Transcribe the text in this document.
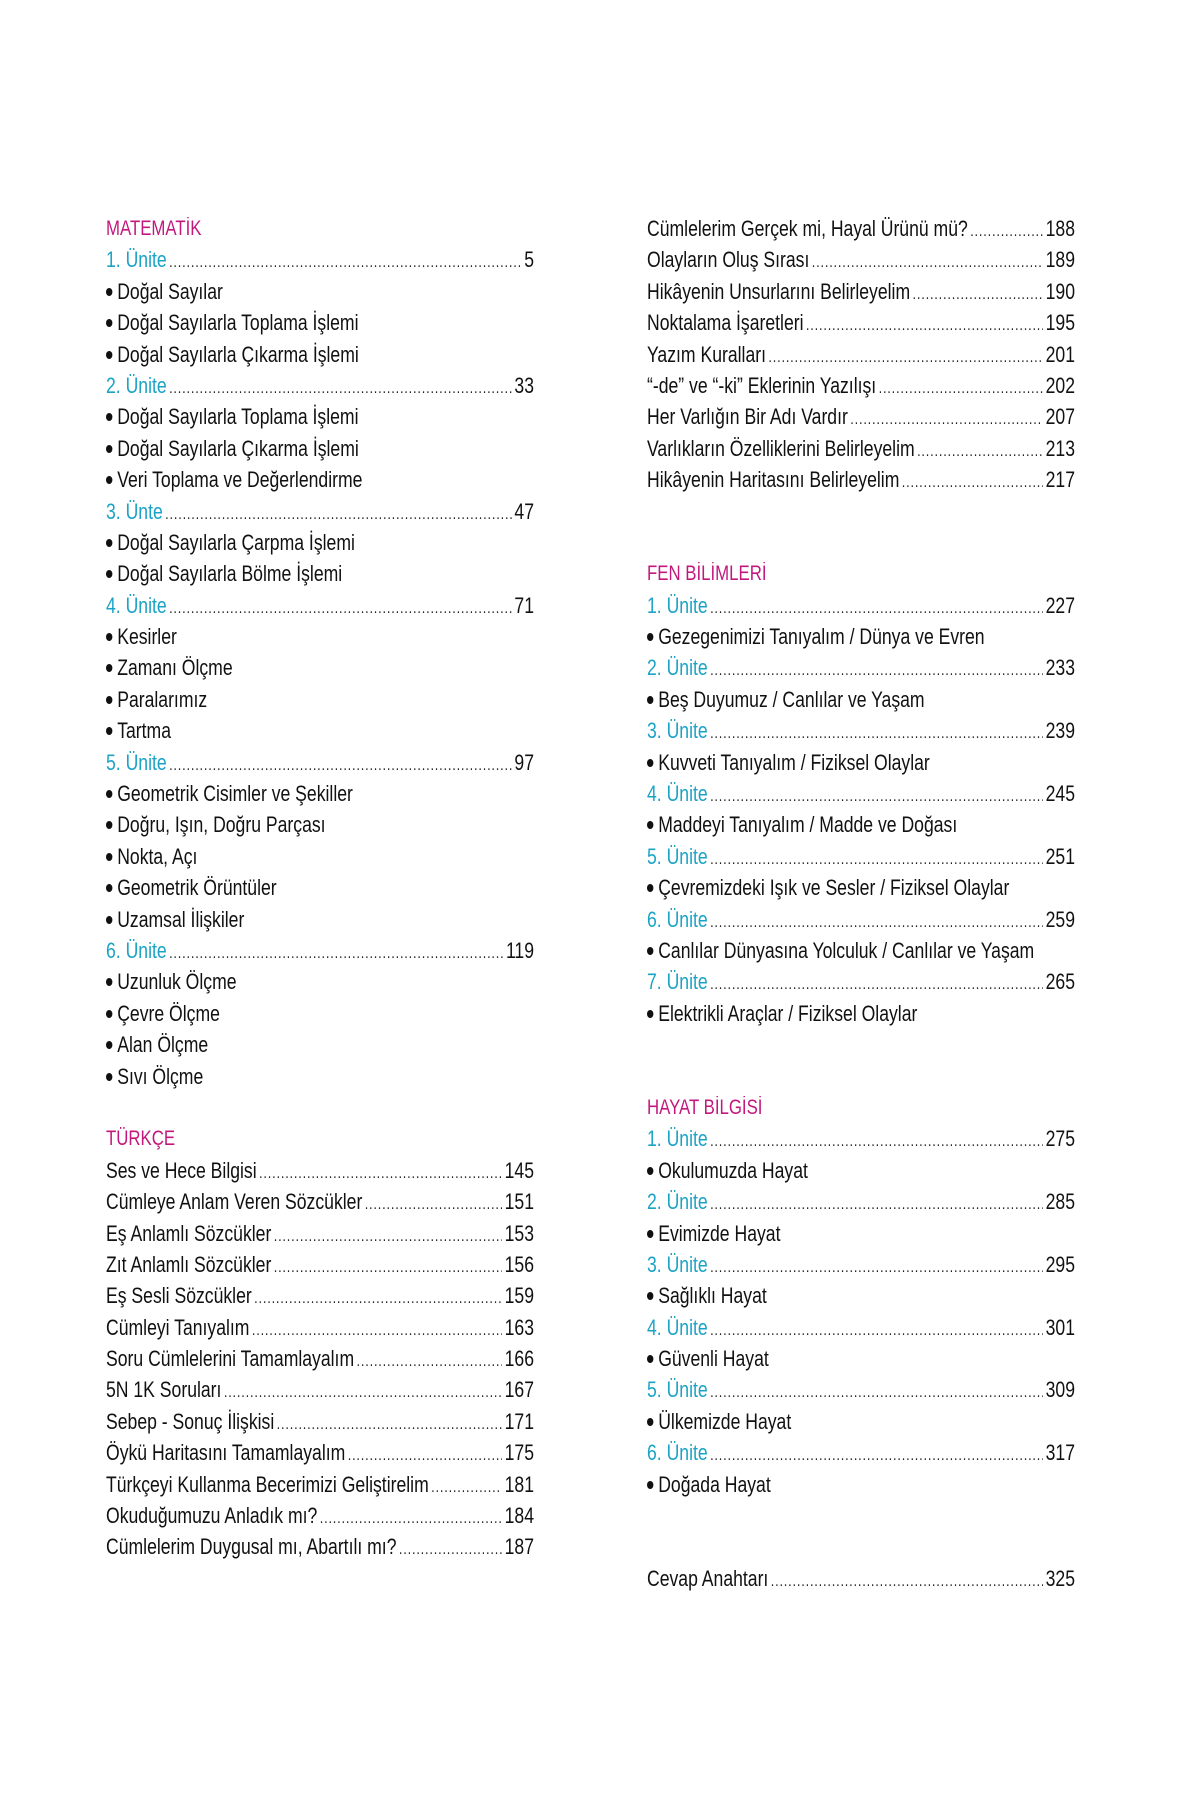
MATEMATİK
1. Ünite .....	5
Doğal Sayılar
Doğal Sayılarla Toplama İşlemi
Doğal Sayılarla Çıkarma İşlemi
2. Ünite .....	33
Doğal Sayılarla Toplama İşlemi
Doğal Sayılarla Çıkarma İşlemi
Veri Toplama ve Değerlendirme
3. Ünte .....	47
Doğal Sayılarla Çarpma İşlemi
Doğal Sayılarla Bölme İşlemi
4. Ünite .....	71
Kesirler
Zamanı Ölçme
Paralarımız
Tartma
5. Ünite .....	97
Geometrik Cisimler ve Şekiller
Doğru, Işın, Doğru Parçası
Nokta, Açı
Geometrik Örüntüler
Uzamsal İlişkiler
6. Ünite .....	119
Uzunluk Ölçme
Çevre Ölçme
Alan Ölçme
Sıvı Ölçme
TÜRKÇE
Ses ve Hece Bilgisi .....	145
Cümleye Anlam Veren Sözcükler .....	151
Eş Anlamlı Sözcükler .....	153
Zıt Anlamlı Sözcükler .....	156
Eş Sesli Sözcükler .....	159
Cümleyi Tanıyalım .....	163
Soru Cümlelerini Tamamlayalım .....	166
5N 1K Soruları .....	167
Sebep - Sonuç İlişkisi .....	171
Öykü Haritasını Tamamlayalım .....	175
Türkçeyi Kullanma Becerimizi Geliştirelim .....	181
Okuduğumuzu Anladık mı? .....	184
Cümlelerim Duygusal mı, Abartılı mı? .....	187
Cümlelerim Gerçek mi, Hayal Ürünü mü? .....	188
Olayların Oluş Sırası .....	189
Hikâyenin Unsurlarını Belirleyelim .....	190
Noktalama İşaretleri .....	195
Yazım Kuralları .....	201
“-de” ve “-ki” Eklerinin Yazılışı .....	202
Her Varlığın Bir Adı Vardır .....	207
Varlıkların Özelliklerini Belirleyelim .....	213
Hikâyenin Haritasını Belirleyelim .....	217
FEN BİLİMLERİ
1. Ünite .....	227
Gezegenimizi Tanıyalım / Dünya ve Evren
2. Ünite .....	233
Beş Duyumuz / Canlılar ve Yaşam
3. Ünite .....	239
Kuvveti Tanıyalım / Fiziksel Olaylar
4. Ünite .....	245
Maddeyi Tanıyalım / Madde ve Doğası
5. Ünite .....	251
Çevremizdeki Işık ve Sesler / Fiziksel Olaylar
6. Ünite .....	259
Canlılar Dünyasına Yolculuk / Canlılar ve Yaşam
7. Ünite .....	265
Elektrikli Araçlar / Fiziksel Olaylar
HAYAT BİLGİSİ
1. Ünite .....	275
Okulumuzda Hayat
2. Ünite .....	285
Evimizde Hayat
3. Ünite .....	295
Sağlıklı Hayat
4. Ünite .....	301
Güvenli Hayat
5. Ünite .....	309
Ülkemizde Hayat
6. Ünite .....	317
Doğada Hayat
Cevap Anahtarı .....	325
